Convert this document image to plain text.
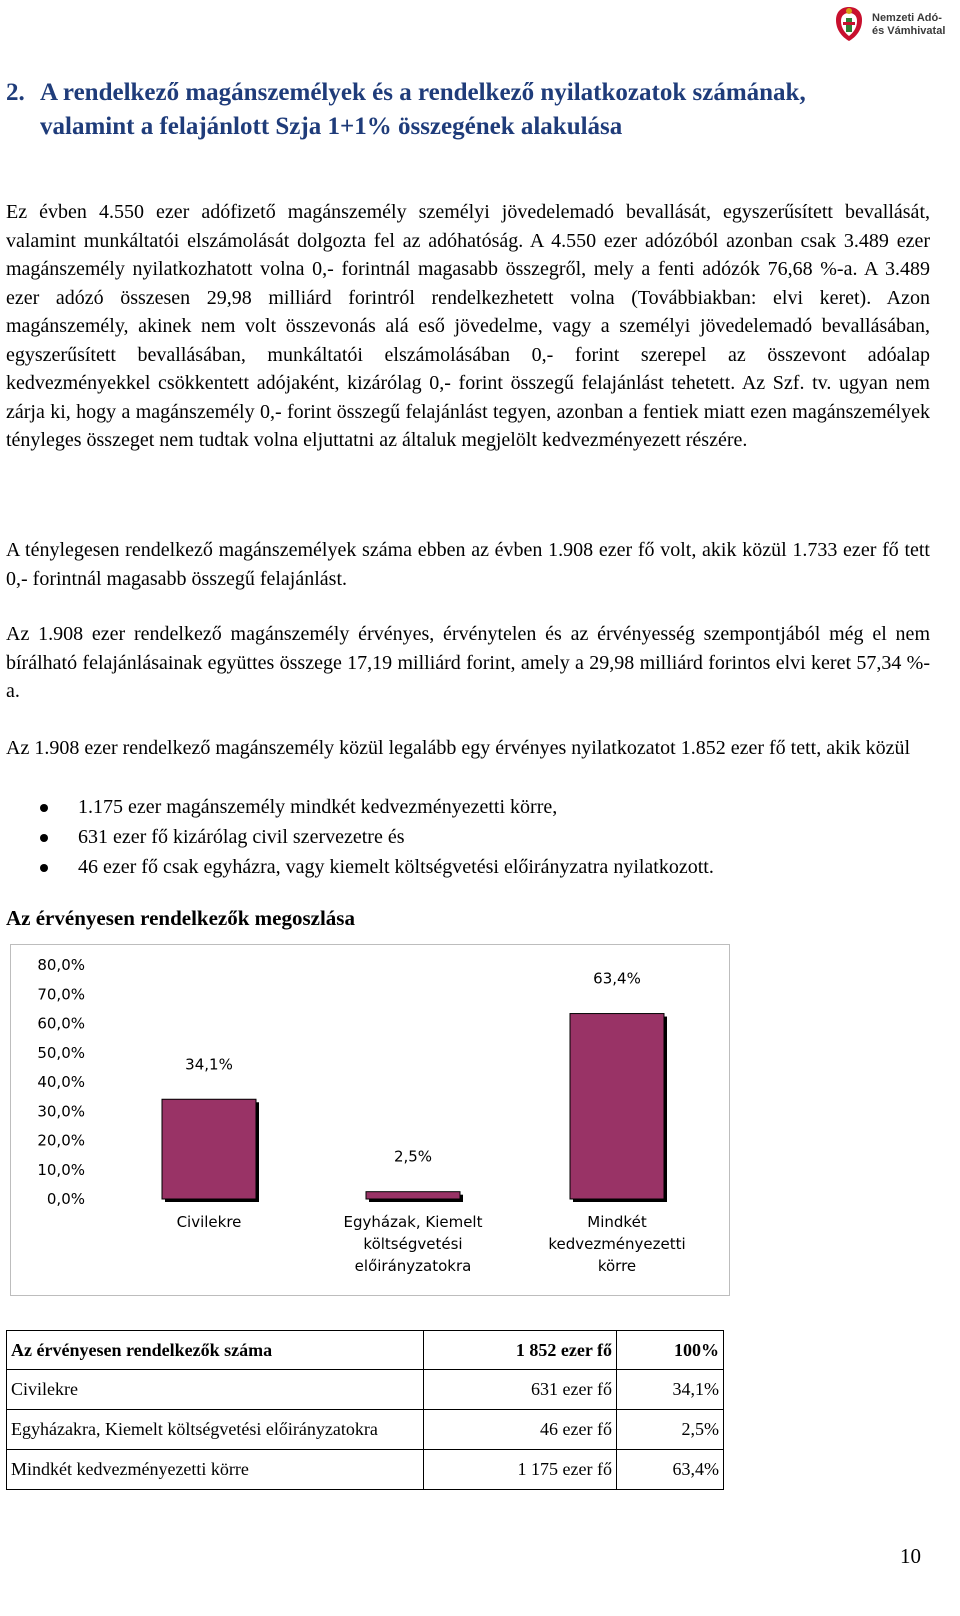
Nemzeti Adó-
és Vámhivatal
2. A rendelkező magánszemélyek és a rendelkező nyilatkozatok számának,
valamint a felajánlott Szja 1+1% összegének alakulása
Ez évben 4.550 ezer adófizető magánszemély személyi jövedelemadó bevallását, egyszerűsített bevallását, valamint munkáltatói elszámolását dolgozta fel az adóhatóság. A 4.550 ezer adózóból azonban csak 3.489 ezer magánszemély nyilatkozhatott volna 0,- forintnál magasabb összegről, mely a fenti adózók 76,68 %-a. A 3.489 ezer adózó összesen 29,98 milliárd forintról rendelkezhetett volna (Továbbiakban: elvi keret). Azon magánszemély, akinek nem volt összevonás alá eső jövedelme, vagy a személyi jövedelemadó bevallásában, egyszerűsített bevallásában, munkáltatói elszámolásában 0,- forint szerepel az összevont adóalap kedvezményekkel csökkentett adójaként, kizárólag 0,- forint összegű felajánlást tehetett. Az Szf. tv. ugyan nem zárja ki, hogy a magánszemély 0,- forint összegű felajánlást tegyen, azonban a fentiek miatt ezen magánszemélyek tényleges összeget nem tudtak volna eljuttatni az általuk megjelölt kedvezményezett részére.
A ténylegesen rendelkező magánszemélyek száma ebben az évben 1.908 ezer fő volt, akik közül 1.733 ezer fő tett 0,- forintnál magasabb összegű felajánlást.
Az 1.908 ezer rendelkező magánszemély érvényes, érvénytelen és az érvényesség szempontjából még el nem bírálható felajánlásainak együttes összege 17,19 milliárd forint, amely a 29,98 milliárd forintos elvi keret 57,34 %-a.
Az 1.908 ezer rendelkező magánszemély közül legalább egy érvényes nyilatkozatot 1.852 ezer fő tett, akik közül
1.175 ezer magánszemély mindkét kedvezményezetti körre,
631 ezer fő kizárólag civil szervezetre és
46 ezer fő csak egyházra, vagy kiemelt költségvetési előirányzatra nyilatkozott.
Az érvényesen rendelkezők megoszlása
0,0%
10,0%
20,0%
30,0%
40,0%
50,0%
60,0%
70,0%
80,0%
34,1%
Civilekre
2,5%
Egyházak, Kiemelt költségvetési előirányzatokra
63,4%
Mindkét kedvezményezetti körre
Az érvényesen rendelkezők száma	1 852 ezer fő	100%
Civilekre	631 ezer fő	34,1%
Egyházakra, Kiemelt költségvetési előirányzatokra	46 ezer fő	2,5%
Mindkét kedvezményezetti körre	1 175 ezer fő	63,4%
10
